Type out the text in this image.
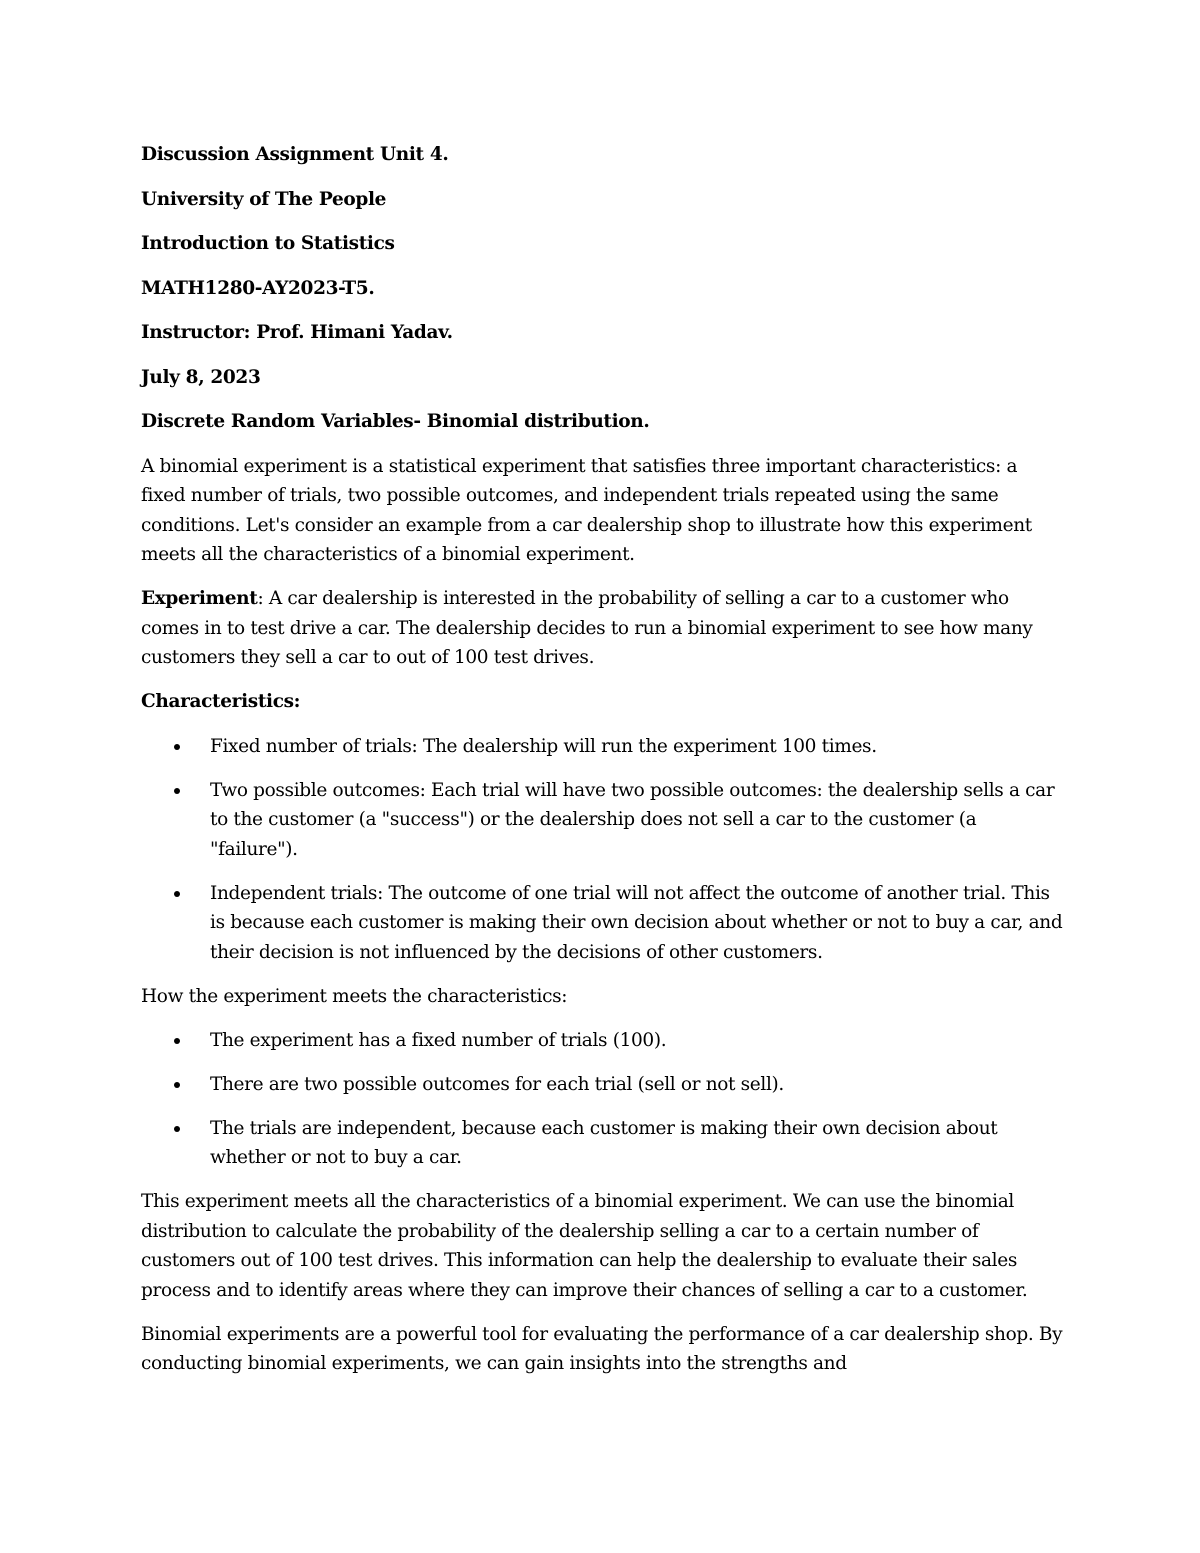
Discussion Assignment Unit 4.
University of The People
Introduction to Statistics
MATH1280-AY2023-T5.
Instructor: Prof. Himani Yadav.
July 8, 2023
Discrete Random Variables- Binomial distribution.

A binomial experiment is a statistical experiment that satisfies three important characteristics: a fixed number of trials, two possible outcomes, and independent trials repeated using the same conditions. Let's consider an example from a car dealership shop to illustrate how this experiment meets all the characteristics of a binomial experiment.

Experiment: A car dealership is interested in the probability of selling a car to a customer who comes in to test drive a car. The dealership decides to run a binomial experiment to see how many customers they sell a car to out of 100 test drives.

Characteristics:
Fixed number of trials: The dealership will run the experiment 100 times.
Two possible outcomes: Each trial will have two possible outcomes: the dealership sells a car to the customer (a "success") or the dealership does not sell a car to the customer (a "failure").
Independent trials: The outcome of one trial will not affect the outcome of another trial. This is because each customer is making their own decision about whether or not to buy a car, and their decision is not influenced by the decisions of other customers.

How the experiment meets the characteristics:

The experiment has a fixed number of trials (100).
There are two possible outcomes for each trial (sell or not sell).
The trials are independent, because each customer is making their own decision about whether or not to buy a car.

This experiment meets all the characteristics of a binomial experiment. We can use the binomial distribution to calculate the probability of the dealership selling a car to a certain number of customers out of 100 test drives. This information can help the dealership to evaluate their sales process and to identify areas where they can improve their chances of selling a car to a customer.

Binomial experiments are a powerful tool for evaluating the performance of a car dealership shop. By conducting binomial experiments, we can gain insights into the strengths and
